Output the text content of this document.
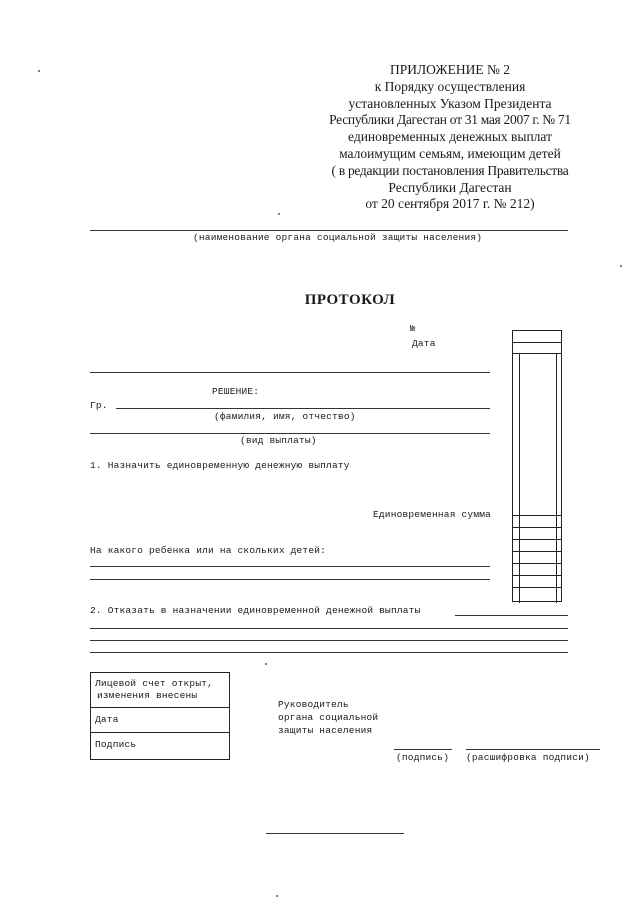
ПРИЛОЖЕНИЕ № 2
к Порядку осуществления
установленных Указом Президента
Республики Дагестан от 31 мая 2007 г. № 71
единовременных денежных выплат
малоимущим семьям, имеющим детей
( в редакции постановления Правительства
Республики Дагестан
от 20 сентября 2017 г. № 212)
(наименование органа социальной защиты населения)
ПРОТОКОЛ
№
Дата
РЕШЕНИЕ:
Гр.
(фамилия, имя, отчество)
(вид выплаты)
1. Назначить единовременную денежную выплату
Единовременная сумма
На какого ребенка или на скольких детей:
2. Отказать в назначении единовременной денежной выплаты
Лицевой счет открыт,
изменения внесены
Дата
Подпись
Руководитель
органа социальной
защиты населения
(подпись) (расшифровка подписи)
